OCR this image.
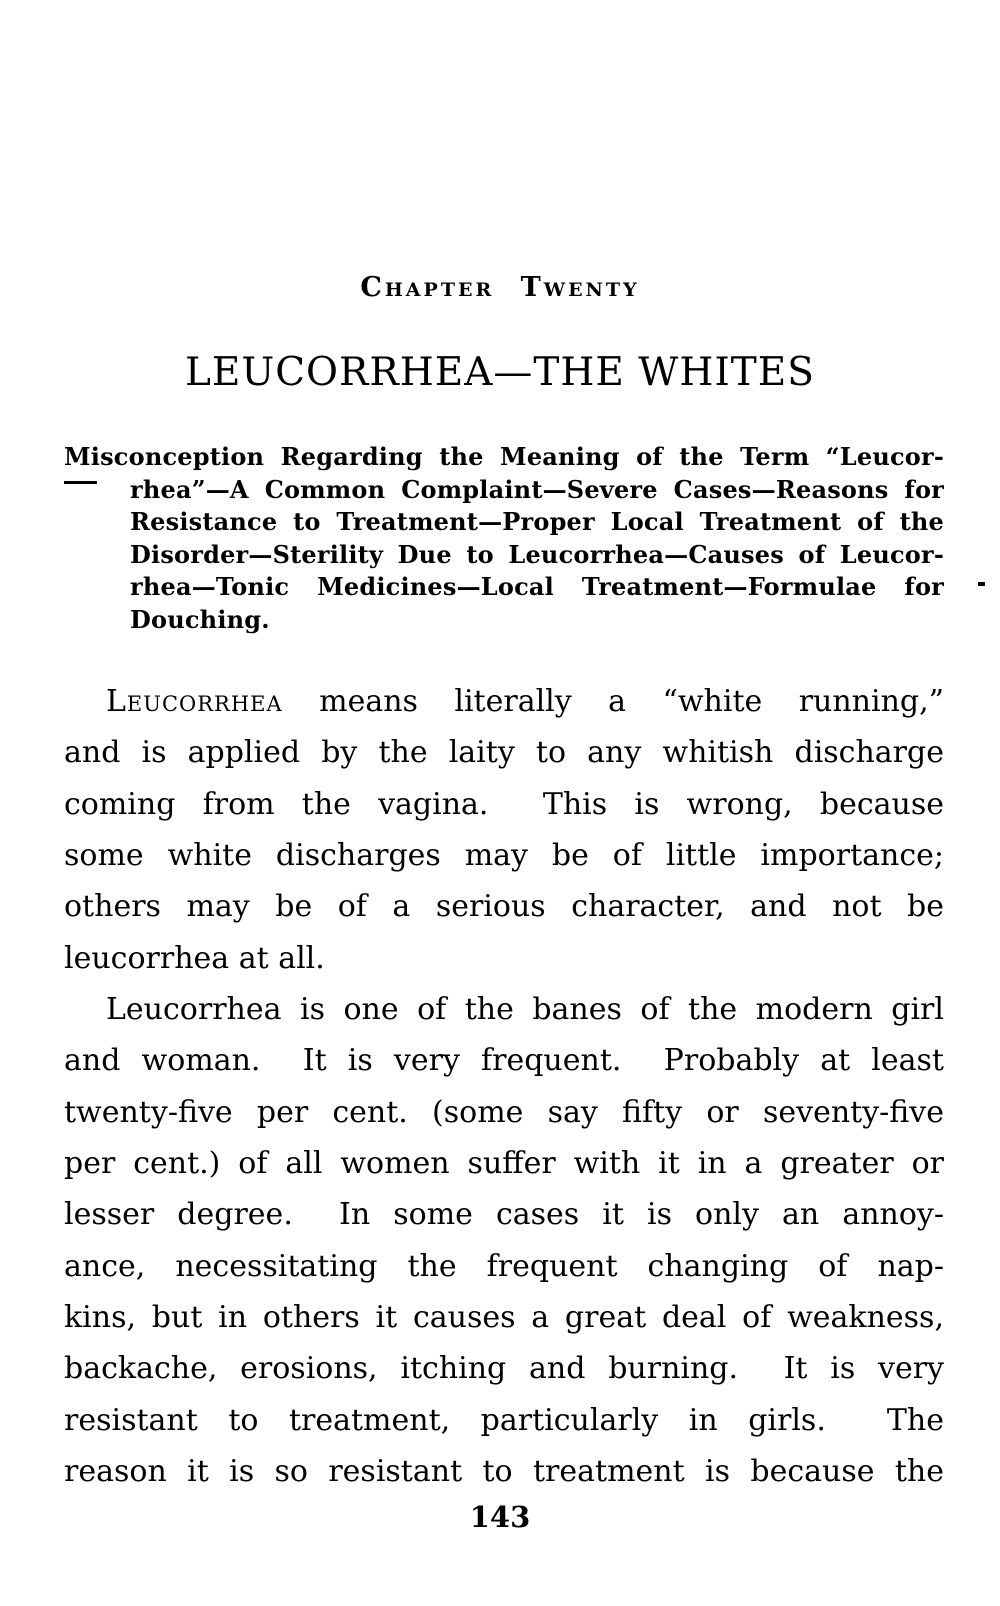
Chapter Twenty
LEUCORRHEA—THE WHITES
Misconception Regarding the Meaning of the Term “Leucor-
rhea”—A Common Complaint—Severe Cases—Reasons for
Resistance to Treatment—Proper Local Treatment of the
Disorder—Sterility Due to Leucorrhea—Causes of Leucor-
rhea—Tonic Medicines—Local Treatment—Formulae for
Douching.
Leucorrhea means literally a “white running,”
and is applied by the laity to any whitish discharge
coming from the vagina.  This is wrong, because
some white discharges may be of little importance;
others may be of a serious character, and not be
leucorrhea at all.
Leucorrhea is one of the banes of the modern girl
and woman.  It is very frequent.  Probably at least
twenty-five per cent. (some say fifty or seventy-five
per cent.) of all women suffer with it in a greater or
lesser degree.  In some cases it is only an annoy-
ance, necessitating the frequent changing of nap-
kins, but in others it causes a great deal of weakness,
backache, erosions, itching and burning.  It is very
resistant to treatment, particularly in girls.  The
reason it is so resistant to treatment is because the
143
